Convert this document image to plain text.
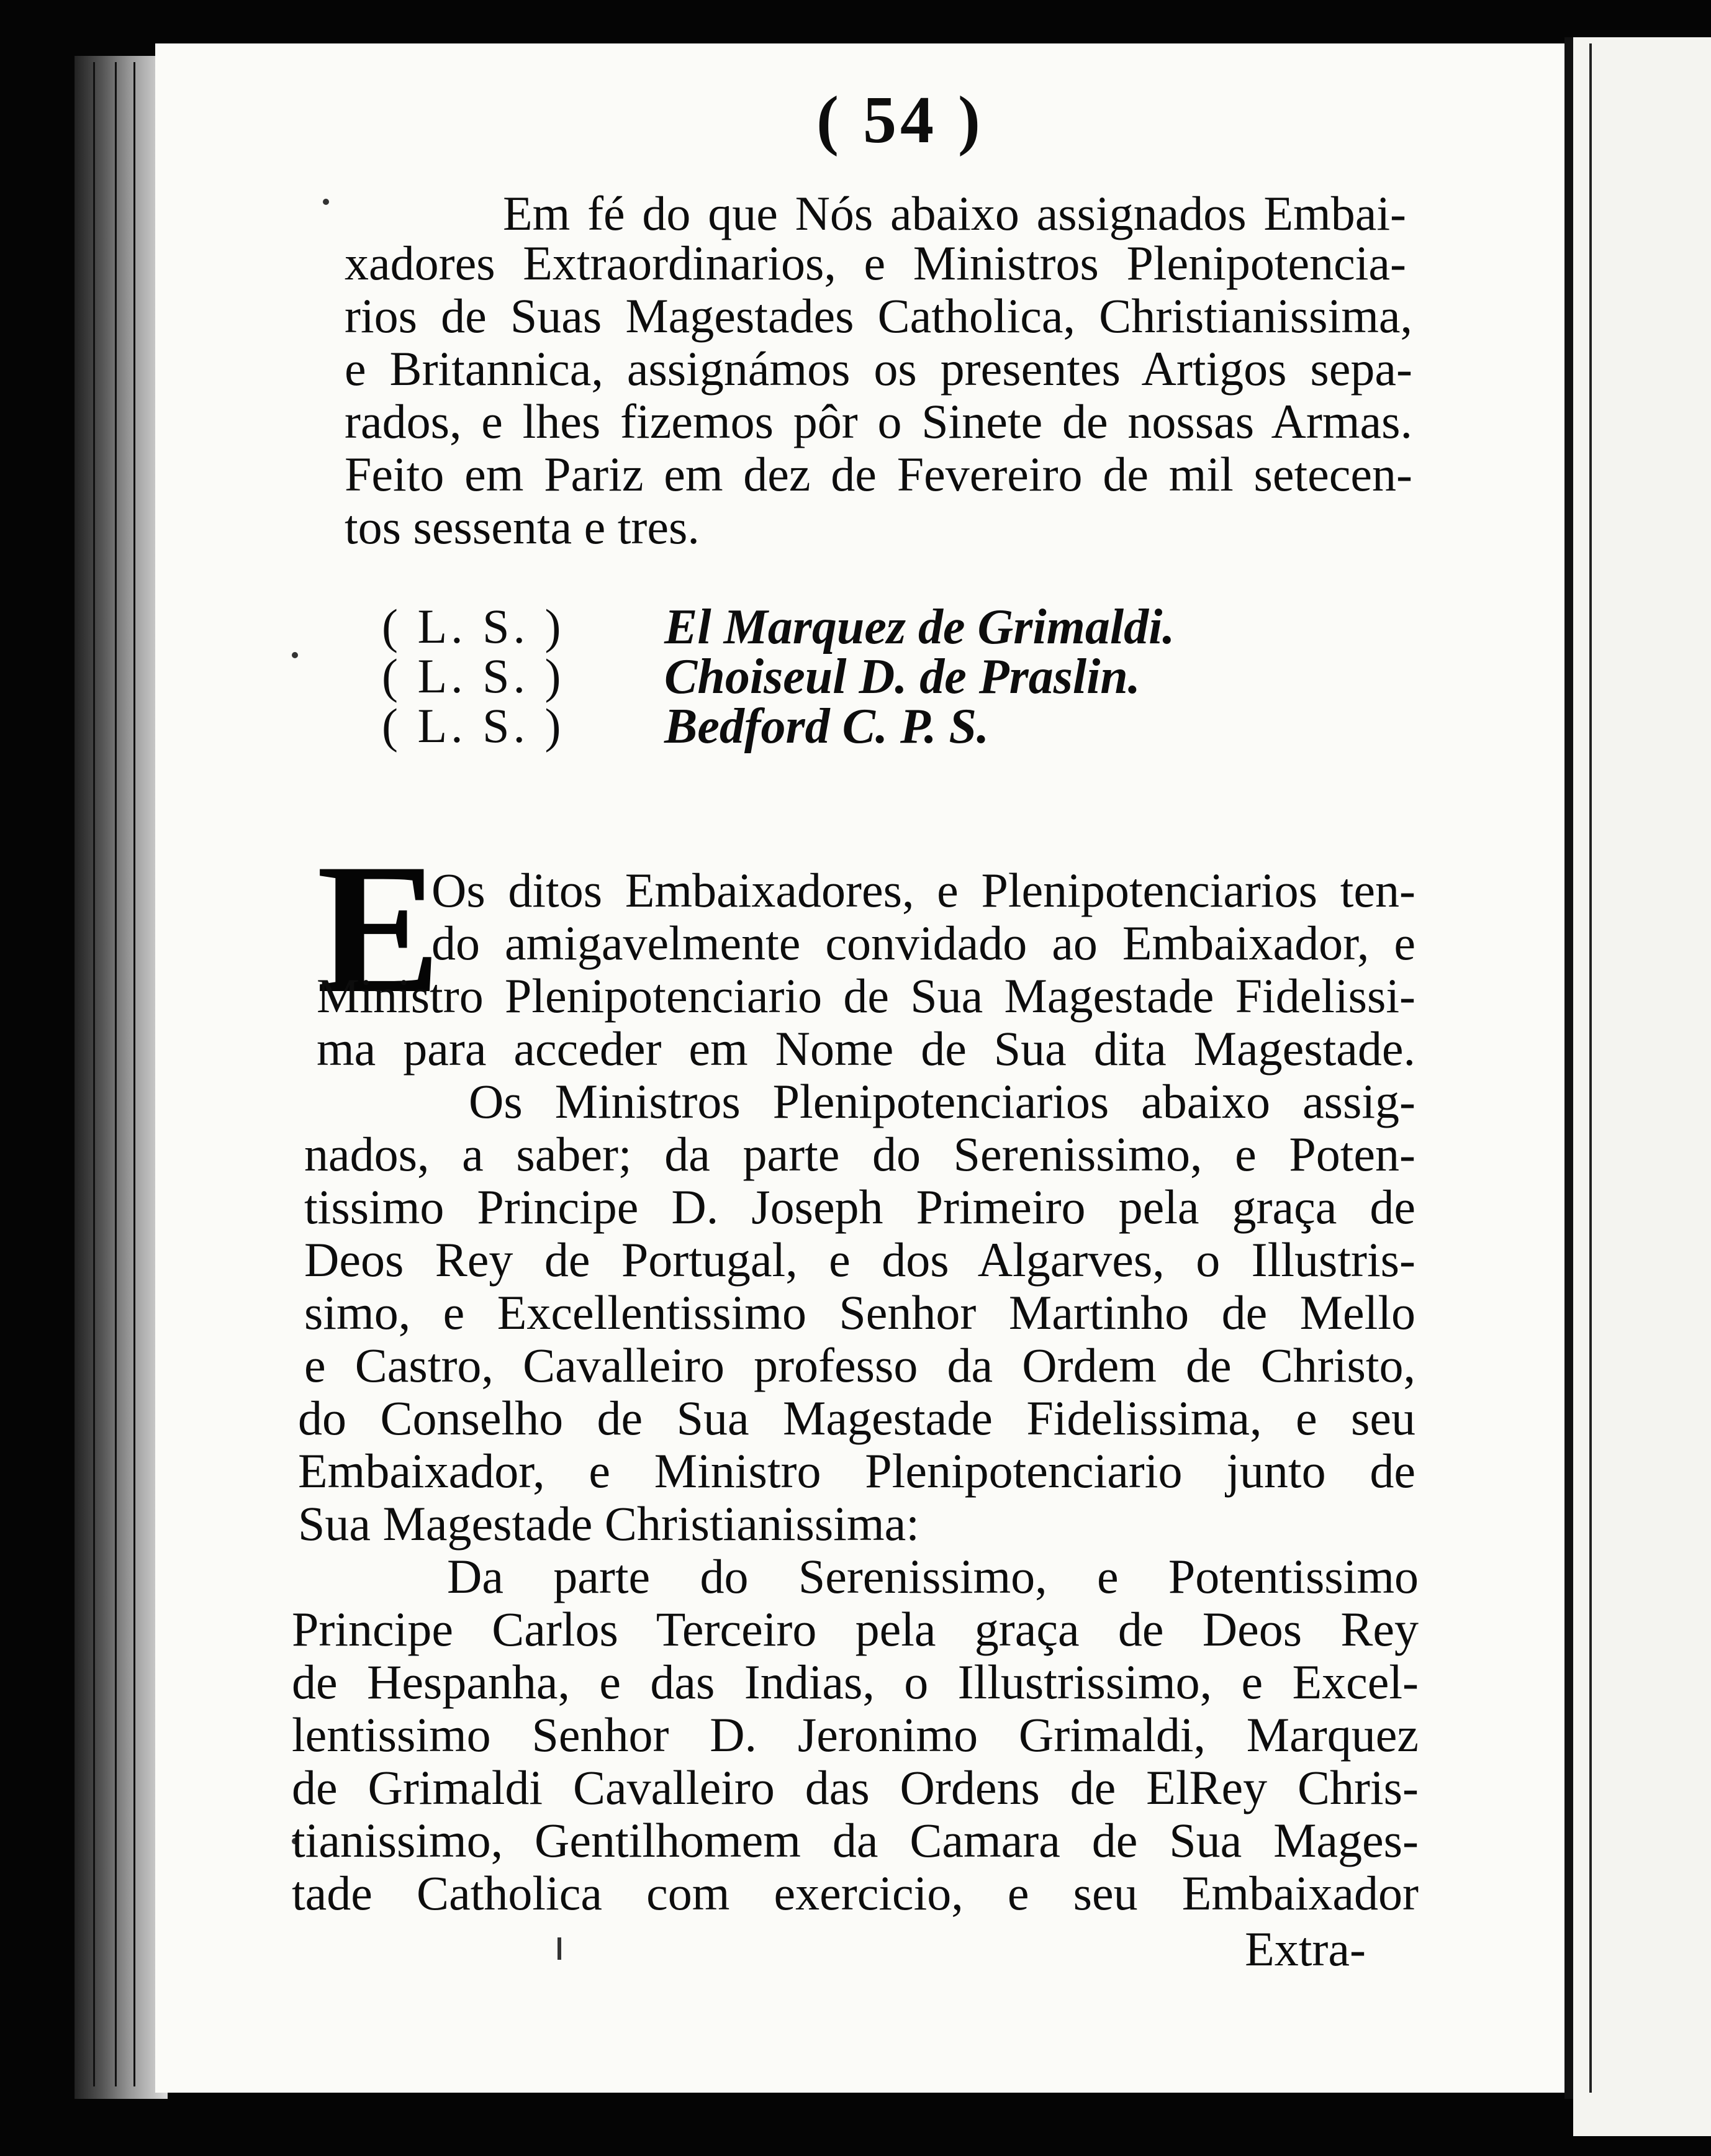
( 54 )
Em fé do que Nós abaixo assignados Embai-
xadores Extraordinarios, e Ministros Plenipotencia-
rios de Suas Magestades Catholica, Christianissima,
e Britannica, assignámos os presentes Artigos sepa-
rados, e lhes fizemos pôr o Sinete de nossas Armas.
Feito em Pariz em dez de Fevereiro de mil setecen-
tos sessenta e tres.
( L. S. ) El Marquez de Grimaldi.
( L. S. ) Choiseul D. de Praslin.
( L. S. ) Bedford C. P. S.
E
Os ditos Embaixadores, e Plenipotenciarios ten-
do amigavelmente convidado ao Embaixador, e
Ministro Plenipotenciario de Sua Magestade Fidelissi-
ma para acceder em Nome de Sua dita Magestade.
Os Ministros Plenipotenciarios abaixo assig-
nados, a saber; da parte do Serenissimo, e Poten-
tissimo Principe D. Joseph Primeiro pela graça de
Deos Rey de Portugal, e dos Algarves, o Illustris-
simo, e Excellentissimo Senhor Martinho de Mello
e Castro, Cavalleiro professo da Ordem de Christo,
do Conselho de Sua Magestade Fidelissima, e seu
Embaixador, e Ministro Plenipotenciario junto de
Sua Magestade Christianissima:
Da parte do Serenissimo, e Potentissimo
Principe Carlos Terceiro pela graça de Deos Rey
de Hespanha, e das Indias, o Illustrissimo, e Excel-
lentissimo Senhor D. Jeronimo Grimaldi, Marquez
de Grimaldi Cavalleiro das Ordens de ElRey Chris-
tianissimo, Gentilhomem da Camara de Sua Mages-
tade Catholica com exercicio, e seu Embaixador
Extra-
